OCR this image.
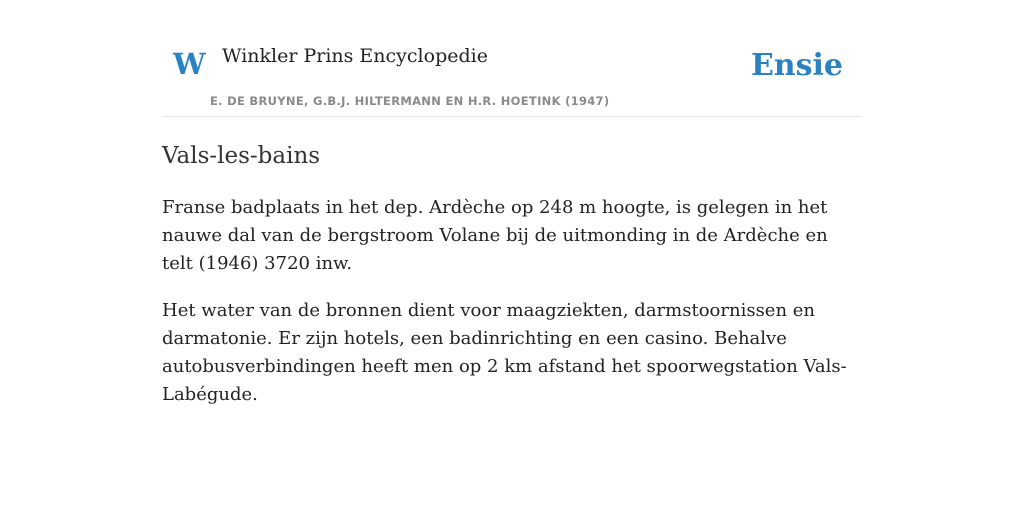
W Winkler Prins Encyclopedie
E. DE BRUYNE, G.B.J. HILTERMANN EN H.R. HOETINK (1947)
Ensie
Vals-les-bains

Franse badplaats in het dep. Ardèche op 248 m hoogte, is gelegen in het nauwe dal van de bergstroom Volane bij de uitmonding in de Ardèche en telt (1946) 3720 inw.

Het water van de bronnen dient voor maagziekten, darmstoornissen en darmatonie. Er zijn hotels, een badinrichting en een casino. Behalve autobusverbindingen heeft men op 2 km afstand het spoorwegstation Vals-Labégude.
